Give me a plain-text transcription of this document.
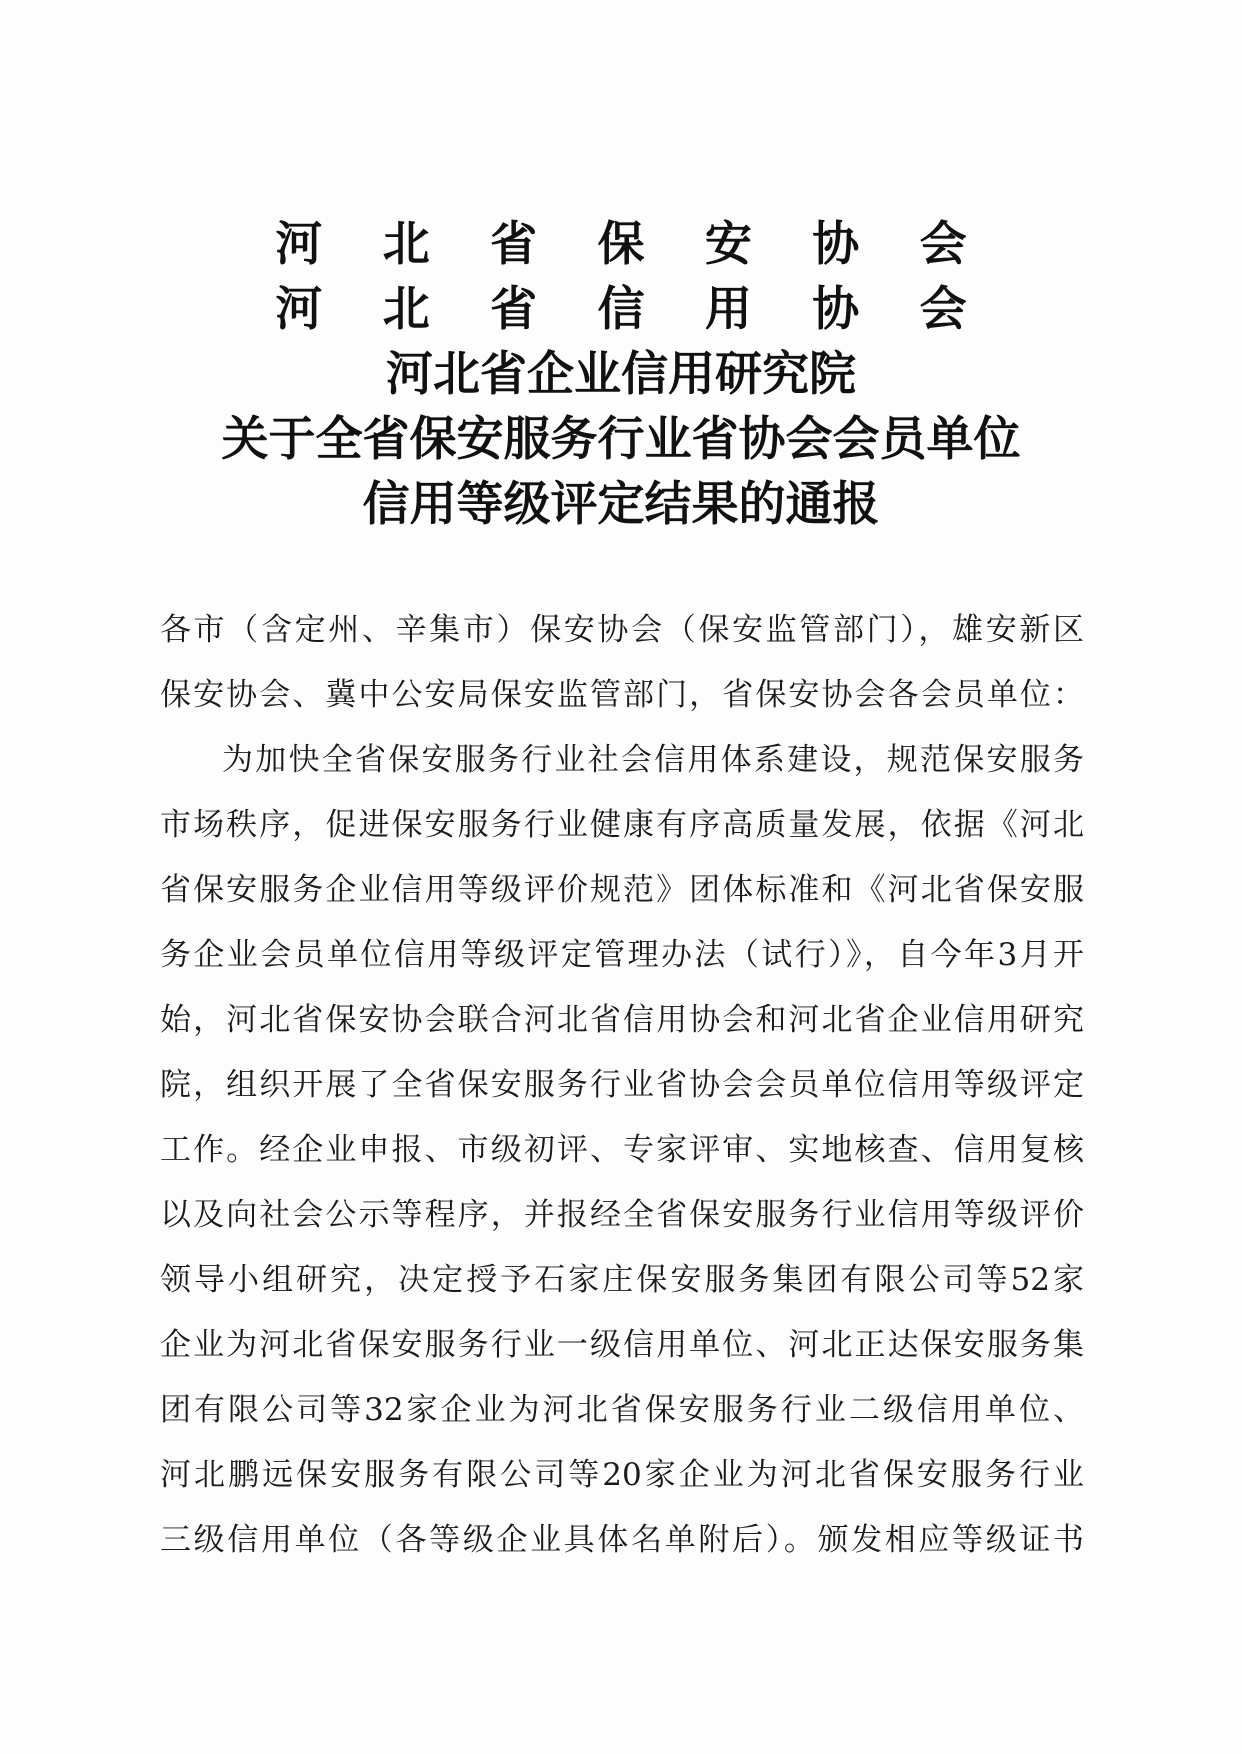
河 北 省 保 安 协 会
河 北 省 信 用 协 会
河北省企业信用研究院
关于全省保安服务行业省协会会员单位
信用等级评定结果的通报
各市（含定州、辛集市）保安协会（保安监管部门），雄安新区
保安协会、冀中公安局保安监管部门，省保安协会各会员单位：
为加快全省保安服务行业社会信用体系建设，规范保安服务
市场秩序，促进保安服务行业健康有序高质量发展，依据《河北
省保安服务企业信用等级评价规范》团体标准和《河北省保安服
务企业会员单位信用等级评定管理办法（试行）》，自今年3月开
始，河北省保安协会联合河北省信用协会和河北省企业信用研究
院，组织开展了全省保安服务行业省协会会员单位信用等级评定
工作。经企业申报、市级初评、专家评审、实地核查、信用复核
以及向社会公示等程序，并报经全省保安服务行业信用等级评价
领导小组研究，决定授予石家庄保安服务集团有限公司等52家
企业为河北省保安服务行业一级信用单位、河北正达保安服务集
团有限公司等32家企业为河北省保安服务行业二级信用单位、
河北鹏远保安服务有限公司等20家企业为河北省保安服务行业
三级信用单位（各等级企业具体名单附后）。颁发相应等级证书
